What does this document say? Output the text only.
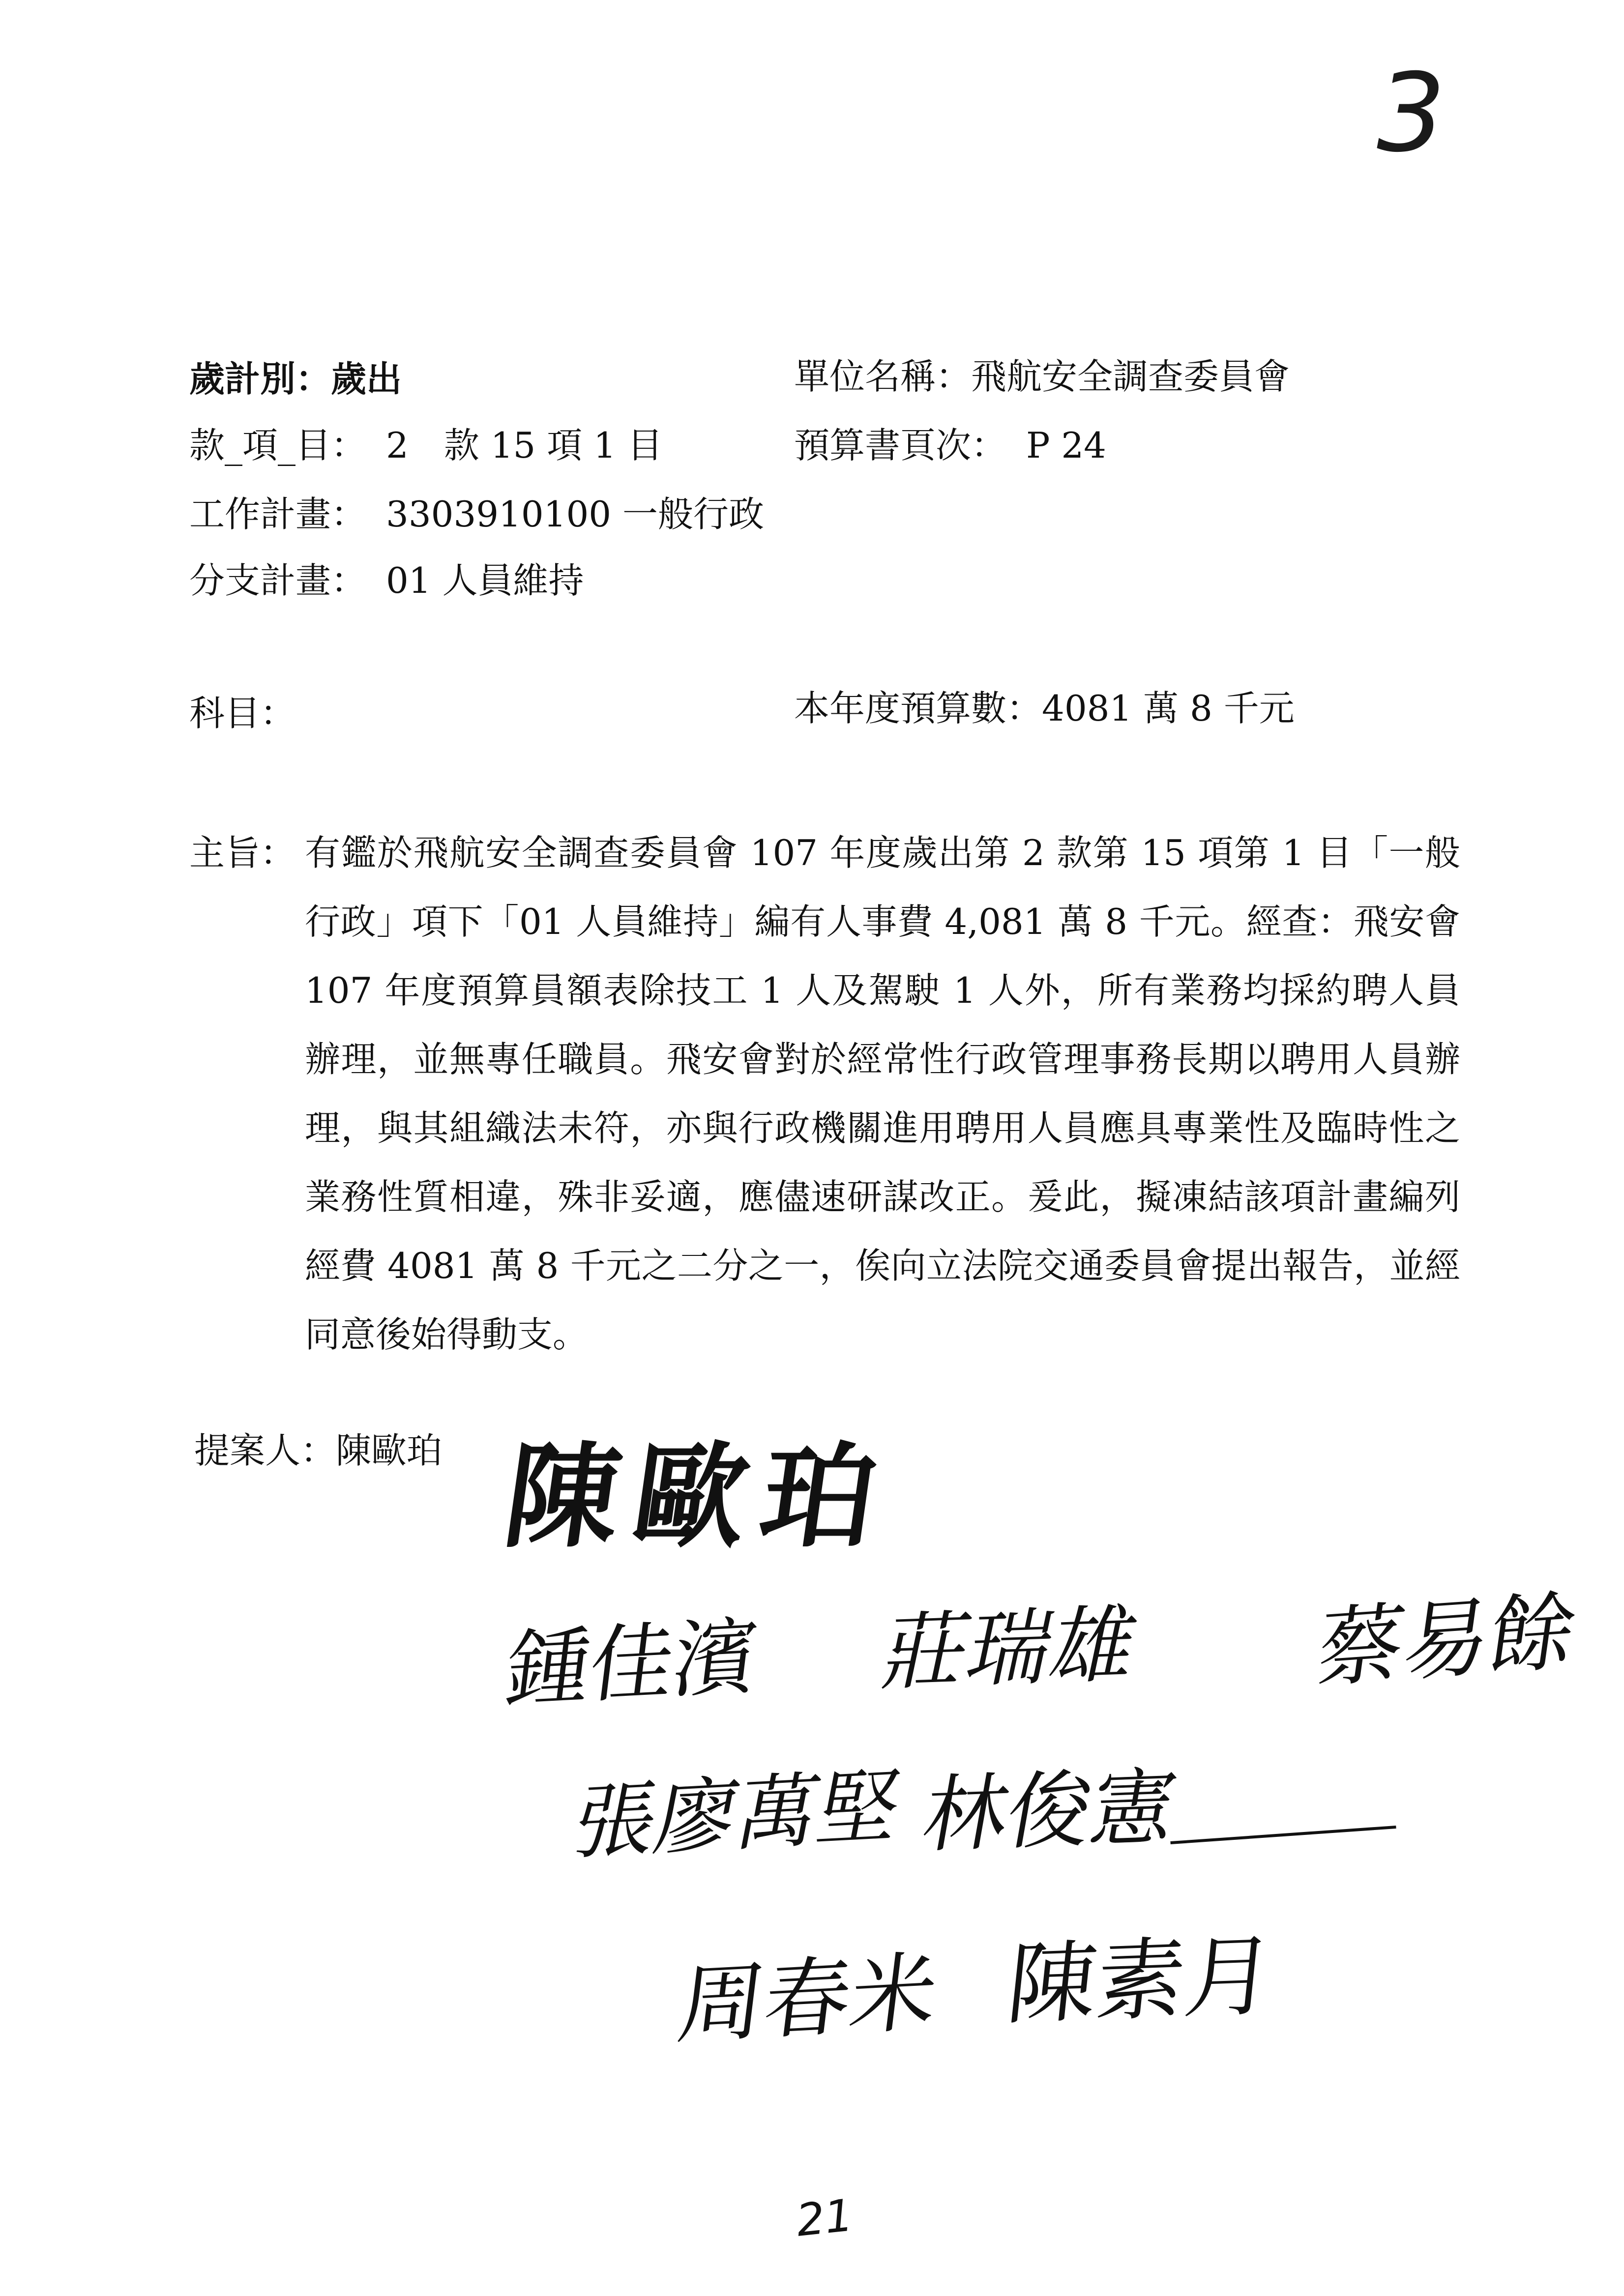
3
歲計別：歲出	單位名稱：飛航安全調查委員會
款_項_目： 2　款 15 項 1 目	預算書頁次： P 24
工作計畫： 3303910100 一般行政
分支計畫： 01 人員維持
科目：	本年度預算數：4081 萬 8 千元
主旨： 有鑑於飛航安全調查委員會 107 年度歲出第 2 款第 15 項第 1 目「一般行政」項下「01 人員維持」編有人事費 4,081 萬 8 千元。經查：飛安會 107 年度預算員額表除技工 1 人及駕駛 1 人外，所有業務均採約聘人員辦理，並無專任職員。飛安會對於經常性行政管理事務長期以聘用人員辦理，與其組織法未符，亦與行政機關進用聘用人員應具專業性及臨時性之業務性質相違，殊非妥適，應儘速研謀改正。爰此，擬凍結該項計畫編列經費 4081 萬 8 千元之二分之一，俟向立法院交通委員會提出報告，並經同意後始得動支。
提案人：陳歐珀 陳歐珀
鍾佳濱 莊瑞雄 蔡易餘
張廖萬堅 林俊憲
周春米 陳素月
21
